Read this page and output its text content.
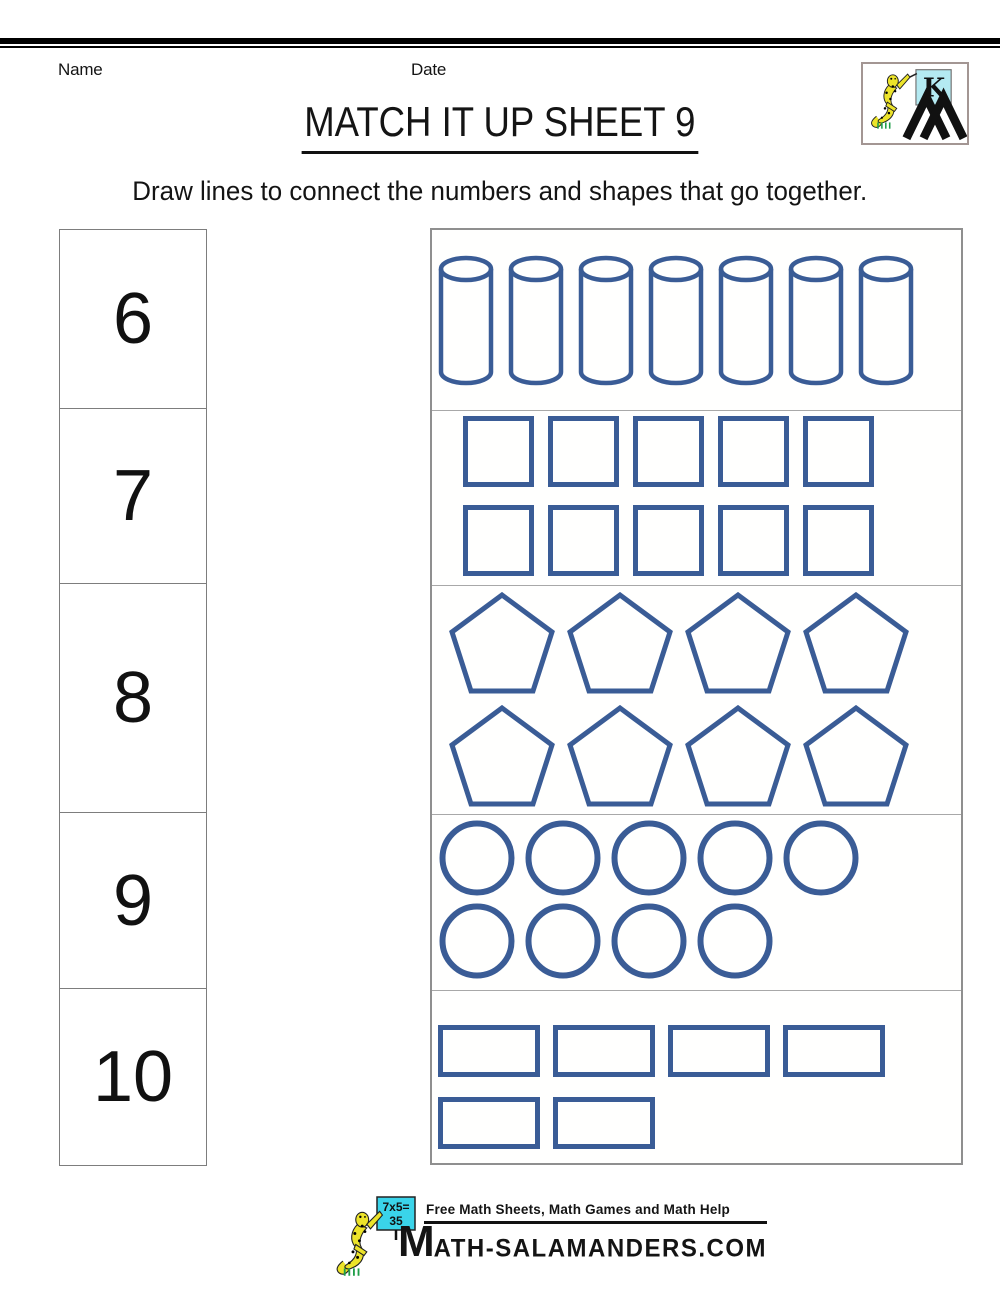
Name	Date
K
MATCH IT UP SHEET 9

Draw lines to connect the numbers and shapes that go together.

6
7
8
9
10
7x5=
35
Free Math Sheets, Math Games and Math Help
M ATH-SALAMANDERS.COM
